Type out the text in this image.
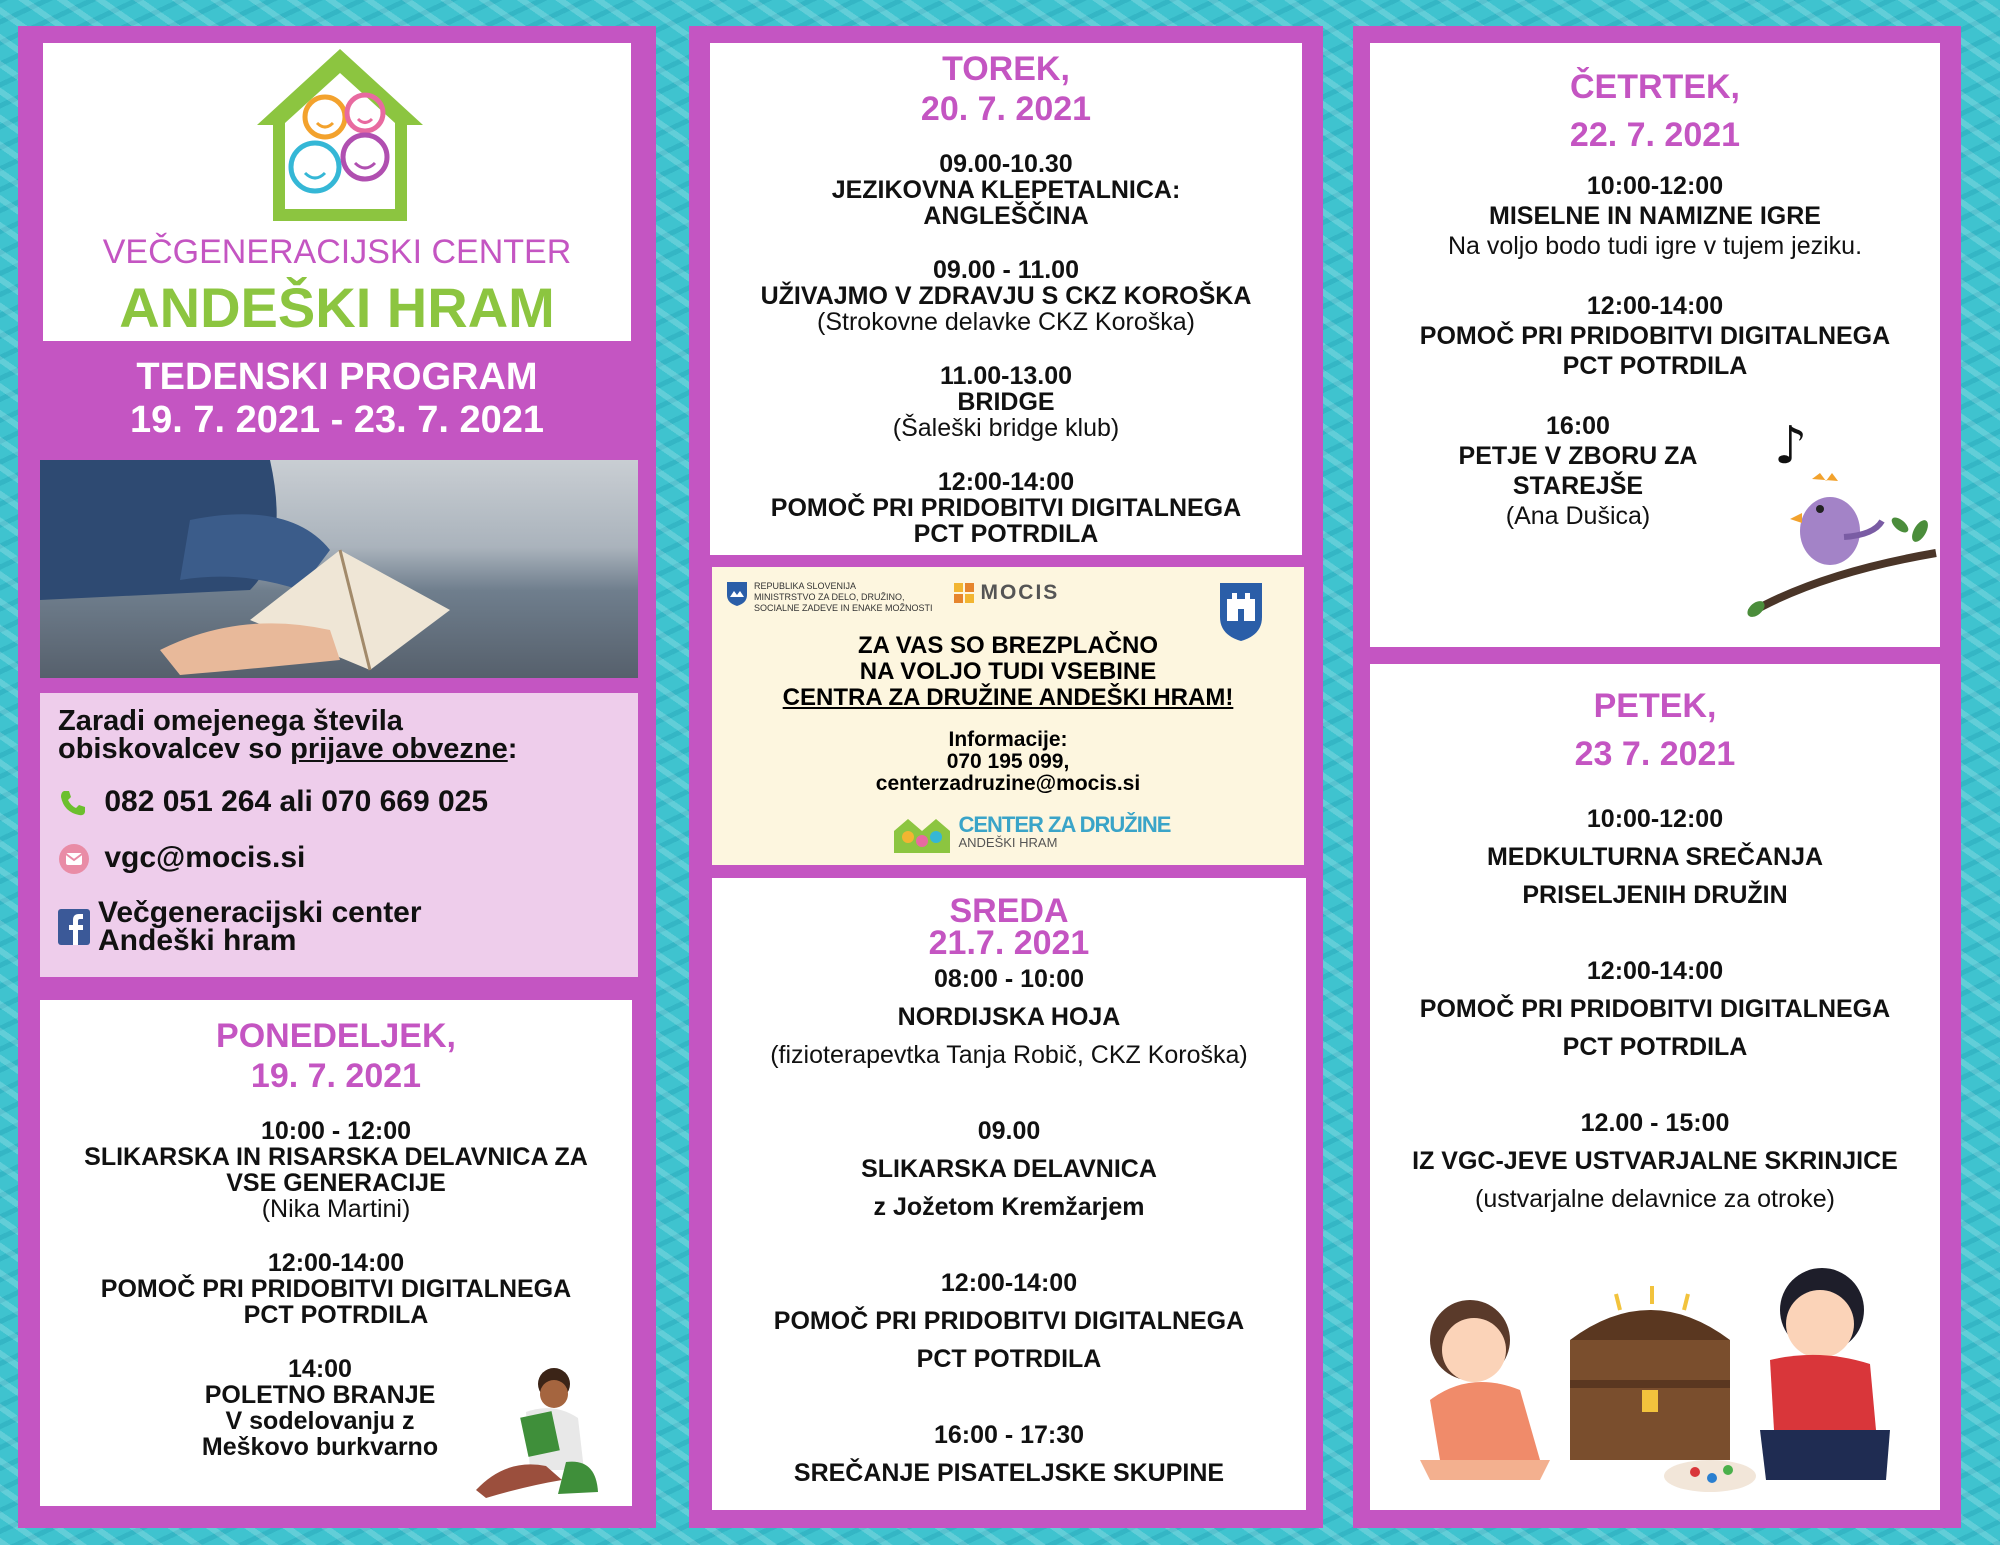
VEČGENERACIJSKI CENTER
ANDEŠKI HRAM
TEDENSKI PROGRAM
19. 7. 2021 - 23. 7. 2021
Zaradi omejenega števila
obiskovalcev so prijave obvezne:
082 051 264 ali 070 669 025
vgc@mocis.si
Večgeneracijski center
Andeški hram
PONEDELJEK,
19. 7. 2021
10:00 - 12:00
SLIKARSKA IN RISARSKA DELAVNICA ZA
VSE GENERACIJE
(Nika Martini)
12:00-14:00
POMOČ PRI PRIDOBITVI DIGITALNEGA
PCT POTRDILA
14:00
POLETNO BRANJE
V sodelovanju z
Meškovo burkvarno
TOREK,
20. 7. 2021
09.00-10.30
JEZIKOVNA KLEPETALNICA:
ANGLEŠČINA
09.00 - 11.00
UŽIVAJMO V ZDRAVJU S CKZ KOROŠKA
(Strokovne delavke CKZ Koroška)
11.00-13.00
BRIDGE
(Šaleški bridge klub)
12:00-14:00
POMOČ PRI PRIDOBITVI DIGITALNEGA
PCT POTRDILA
REPUBLIKA SLOVENIJA
MINISTRSTVO ZA DELO, DRUŽINO,
SOCIALNE ZADEVE IN ENAKE MOŽNOSTI
MOCIS
ZA VAS SO BREZPLAČNO
NA VOLJO TUDI VSEBINE
CENTRA ZA DRUŽINE ANDEŠKI HRAM!
Informacije:
070 195 099,
centerzadruzine@mocis.si

CENTER ZA DRUŽINE
ANDEŠKI HRAM
SREDA
21.7. 2021
08:00 - 10:00
NORDIJSKA HOJA
(fizioterapevtka Tanja Robič, CKZ Koroška)
09.00
SLIKARSKA DELAVNICA
z Jožetom Kremžarjem
12:00-14:00
POMOČ PRI PRIDOBITVI DIGITALNEGA
PCT POTRDILA
16:00 - 17:30
SREČANJE PISATELJSKE SKUPINE
ČETRTEK,
22. 7. 2021
10:00-12:00
MISELNE IN NAMIZNE IGRE
Na voljo bodo tudi igre v tujem jeziku.
12:00-14:00
POMOČ PRI PRIDOBITVI DIGITALNEGA
PCT POTRDILA
16:00
PETJE V ZBORU ZA
STAREJŠE
(Ana Dušica)
♪
PETEK,
23 7. 2021
10:00-12:00
MEDKULTURNA SREČANJA
PRISELJENIH DRUŽIN
12:00-14:00
POMOČ PRI PRIDOBITVI DIGITALNEGA
PCT POTRDILA
12.00 - 15:00
IZ VGC-JEVE USTVARJALNE SKRINJICE
(ustvarjalne delavnice za otroke)
